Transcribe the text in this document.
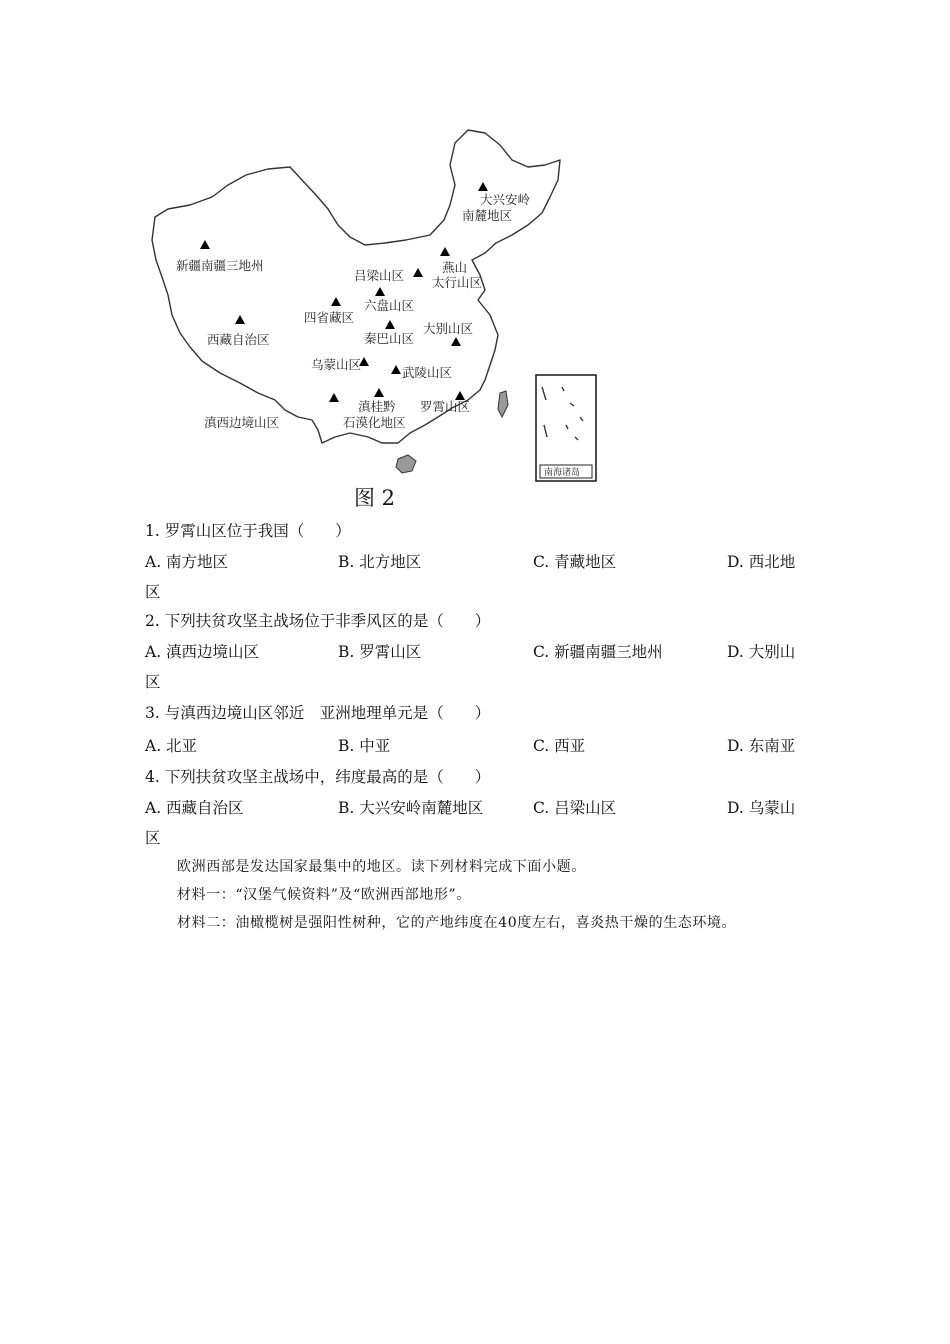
大兴安岭
南麓地区
新疆南疆三地州
吕梁山区
燕山
太行山区
六盘山区
四省藏区
西藏自治区	秦巴山区
大别山区
乌蒙山区
武陵山区
滇桂黔
石漠化地区
罗霄山区
滇西边境山区
南海诸岛
图 2
1. 罗霄山区位于我国（　　）
A. 南方地区	B. 北方地区	C. 青藏地区	D. 西北地
区
2. 下列扶贫攻坚主战场位于非季风区的是（　　）
A. 滇西边境山区	B. 罗霄山区	C. 新疆南疆三地州	D. 大别山
区
3. 与滇西边境山区邻近　亚洲地理单元是（　　）
A. 北亚	B. 中亚	C. 西亚	D. 东南亚
4. 下列扶贫攻坚主战场中，纬度最高的是（　　）
A. 西藏自治区	B. 大兴安岭南麓地区	C. 吕梁山区	D. 乌蒙山
区
欧洲西部是发达国家最集中的地区。读下列材料完成下面小题。
材料一：“汉堡气候资料”及“欧洲西部地形”。
材料二：油橄榄树是强阳性树种，它的产地纬度在40度左右，喜炎热干燥的生态环境。
